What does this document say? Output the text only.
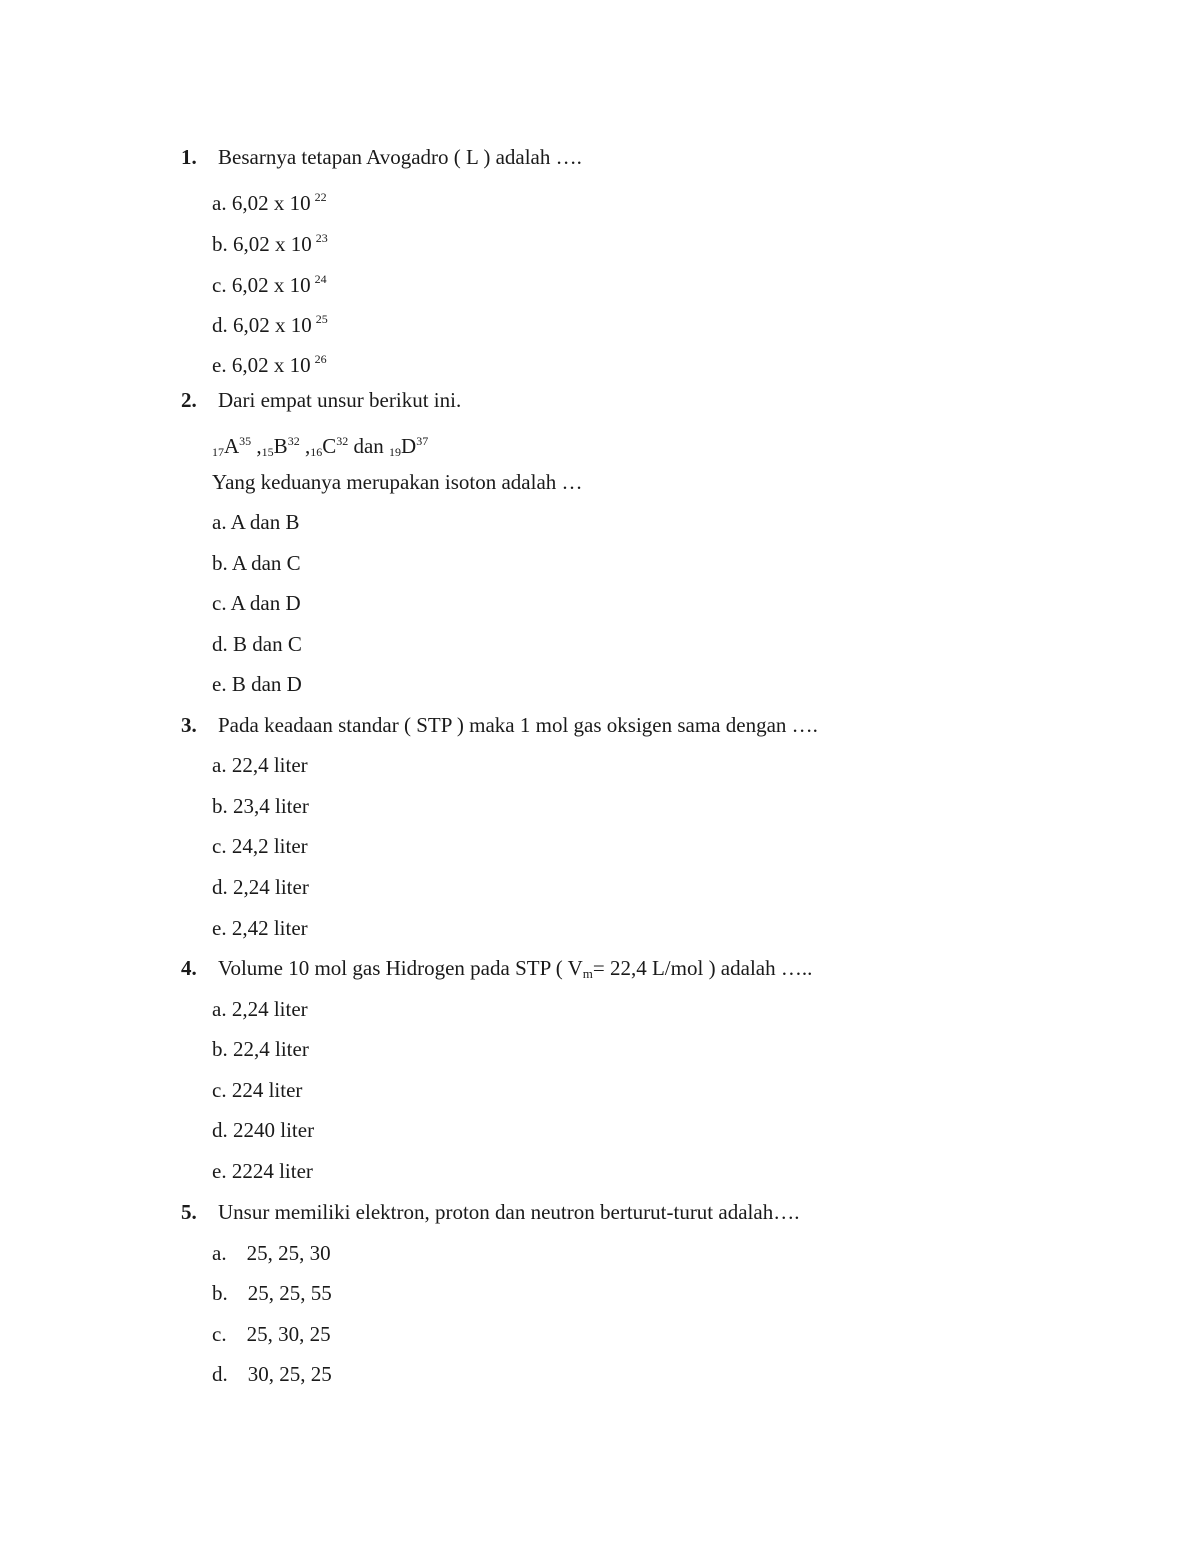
1. Besarnya tetapan Avogadro ( L ) adalah ….
a. 6,02 x 10 $^{22}$
b. 6,02 x 10 $^{23}$
c. 6,02 x 10 $^{24}$
d. 6,02 x 10 $^{25}$
e. 6,02 x 10 $^{26}$
2. Dari empat unsur berikut ini.
$_{17}A^{35}$ $,_{15}B^{32}$ $,_{16}C^{32}$ dan $_{19}D^{37}$
Yang keduanya merupakan isoton adalah …
a. A dan B
b. A dan C
c. A dan D
d. B dan C
e. B dan D
3. Pada keadaan standar ( STP ) maka 1 mol gas oksigen sama dengan ….
a. 22,4 liter
b. 23,4 liter
c. 24,2 liter
d. 2,24 liter
e. 2,42 liter
4. Volume 10 mol gas Hidrogen pada STP ( $V_m= 22,4$ L/mol ) adalah …..
a. 2,24 liter
b. 22,4 liter
c. 224 liter
d. 2240 liter
e. 2224 liter
5. Unsur memiliki elektron, proton dan neutron berturut-turut adalah….
a. 25, 25, 30
b. 25, 25, 55
c. 25, 30, 25
d. 30, 25, 25
